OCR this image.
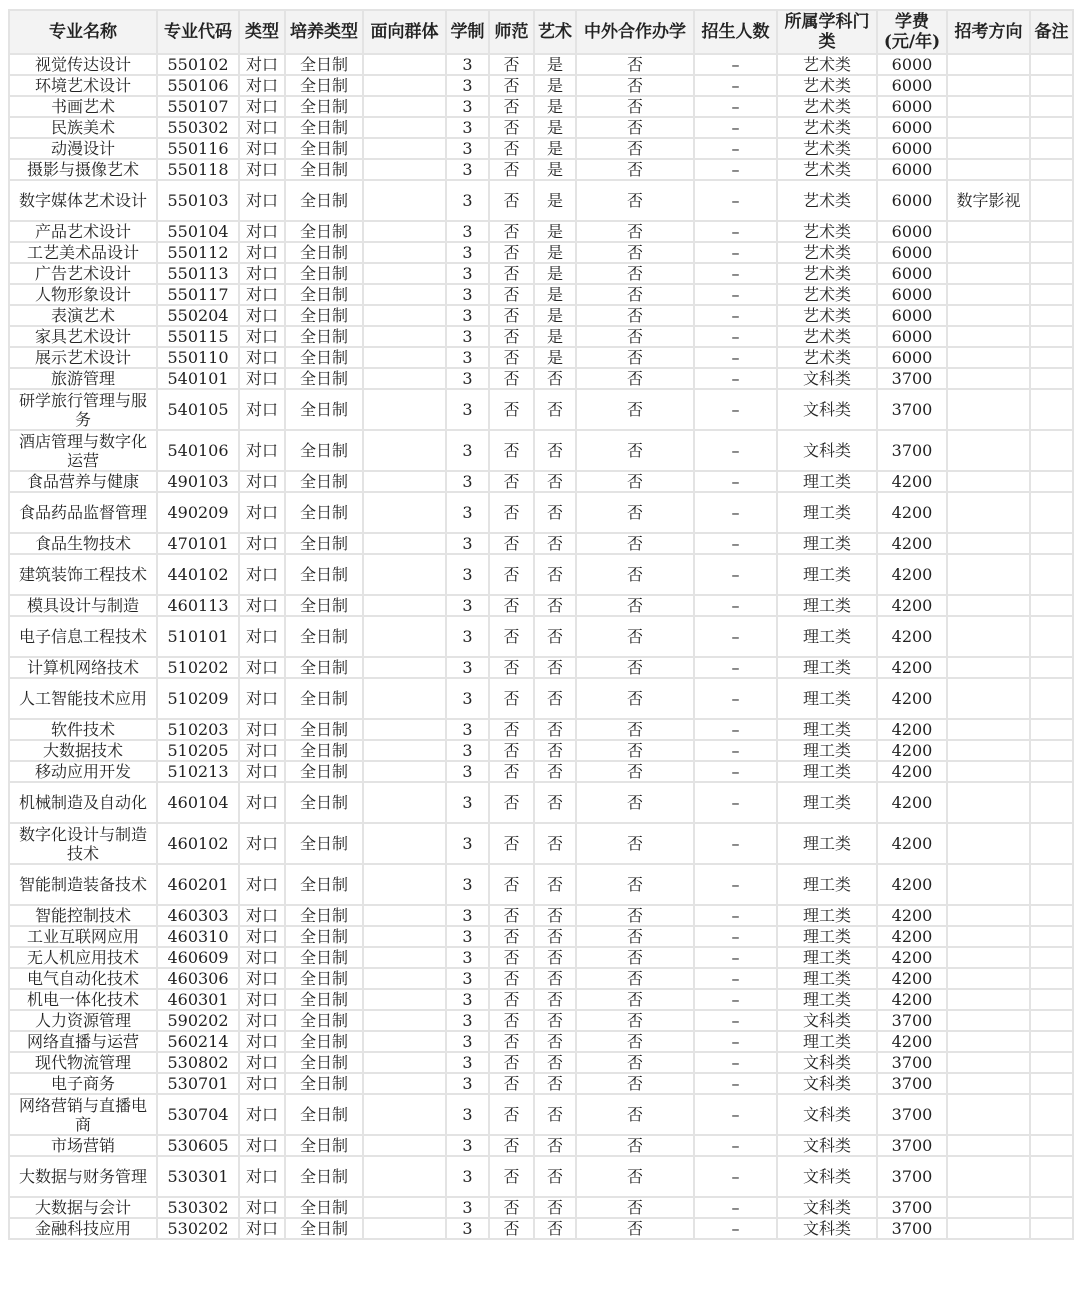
专业名称	专业代码	类型	培养类型	面向群体	学制	师范	艺术	中外合作办学	招生人数	所属学科门类	学费(元/年)	招考方向	备注
视觉传达设计	550102	对口	全日制		3	否	是	否	–	艺术类	6000		
环境艺术设计	550106	对口	全日制		3	否	是	否	–	艺术类	6000		
书画艺术	550107	对口	全日制		3	否	是	否	–	艺术类	6000		
民族美术	550302	对口	全日制		3	否	是	否	–	艺术类	6000		
动漫设计	550116	对口	全日制		3	否	是	否	–	艺术类	6000		
摄影与摄像艺术	550118	对口	全日制		3	否	是	否	–	艺术类	6000		
数字媒体艺术设计	550103	对口	全日制		3	否	是	否	–	艺术类	6000	数字影视	
产品艺术设计	550104	对口	全日制		3	否	是	否	–	艺术类	6000		
工艺美术品设计	550112	对口	全日制		3	否	是	否	–	艺术类	6000		
广告艺术设计	550113	对口	全日制		3	否	是	否	–	艺术类	6000		
人物形象设计	550117	对口	全日制		3	否	是	否	–	艺术类	6000		
表演艺术	550204	对口	全日制		3	否	是	否	–	艺术类	6000		
家具艺术设计	550115	对口	全日制		3	否	是	否	–	艺术类	6000		
展示艺术设计	550110	对口	全日制		3	否	是	否	–	艺术类	6000		
旅游管理	540101	对口	全日制		3	否	否	否	–	文科类	3700		
研学旅行管理与服务	540105	对口	全日制		3	否	否	否	–	文科类	3700		
酒店管理与数字化运营	540106	对口	全日制		3	否	否	否	–	文科类	3700		
食品营养与健康	490103	对口	全日制		3	否	否	否	–	理工类	4200		
食品药品监督管理	490209	对口	全日制		3	否	否	否	–	理工类	4200		
食品生物技术	470101	对口	全日制		3	否	否	否	–	理工类	4200		
建筑装饰工程技术	440102	对口	全日制		3	否	否	否	–	理工类	4200		
模具设计与制造	460113	对口	全日制		3	否	否	否	–	理工类	4200		
电子信息工程技术	510101	对口	全日制		3	否	否	否	–	理工类	4200		
计算机网络技术	510202	对口	全日制		3	否	否	否	–	理工类	4200		
人工智能技术应用	510209	对口	全日制		3	否	否	否	–	理工类	4200		
软件技术	510203	对口	全日制		3	否	否	否	–	理工类	4200		
大数据技术	510205	对口	全日制		3	否	否	否	–	理工类	4200		
移动应用开发	510213	对口	全日制		3	否	否	否	–	理工类	4200		
机械制造及自动化	460104	对口	全日制		3	否	否	否	–	理工类	4200		
数字化设计与制造技术	460102	对口	全日制		3	否	否	否	–	理工类	4200		
智能制造装备技术	460201	对口	全日制		3	否	否	否	–	理工类	4200		
智能控制技术	460303	对口	全日制		3	否	否	否	–	理工类	4200		
工业互联网应用	460310	对口	全日制		3	否	否	否	–	理工类	4200		
无人机应用技术	460609	对口	全日制		3	否	否	否	–	理工类	4200		
电气自动化技术	460306	对口	全日制		3	否	否	否	–	理工类	4200		
机电一体化技术	460301	对口	全日制		3	否	否	否	–	理工类	4200		
人力资源管理	590202	对口	全日制		3	否	否	否	–	文科类	3700		
网络直播与运营	560214	对口	全日制		3	否	否	否	–	理工类	4200		
现代物流管理	530802	对口	全日制		3	否	否	否	–	文科类	3700		
电子商务	530701	对口	全日制		3	否	否	否	–	文科类	3700		
网络营销与直播电商	530704	对口	全日制		3	否	否	否	–	文科类	3700		
市场营销	530605	对口	全日制		3	否	否	否	–	文科类	3700		
大数据与财务管理	530301	对口	全日制		3	否	否	否	–	文科类	3700		
大数据与会计	530302	对口	全日制		3	否	否	否	–	文科类	3700		
金融科技应用	530202	对口	全日制		3	否	否	否	–	文科类	3700		
